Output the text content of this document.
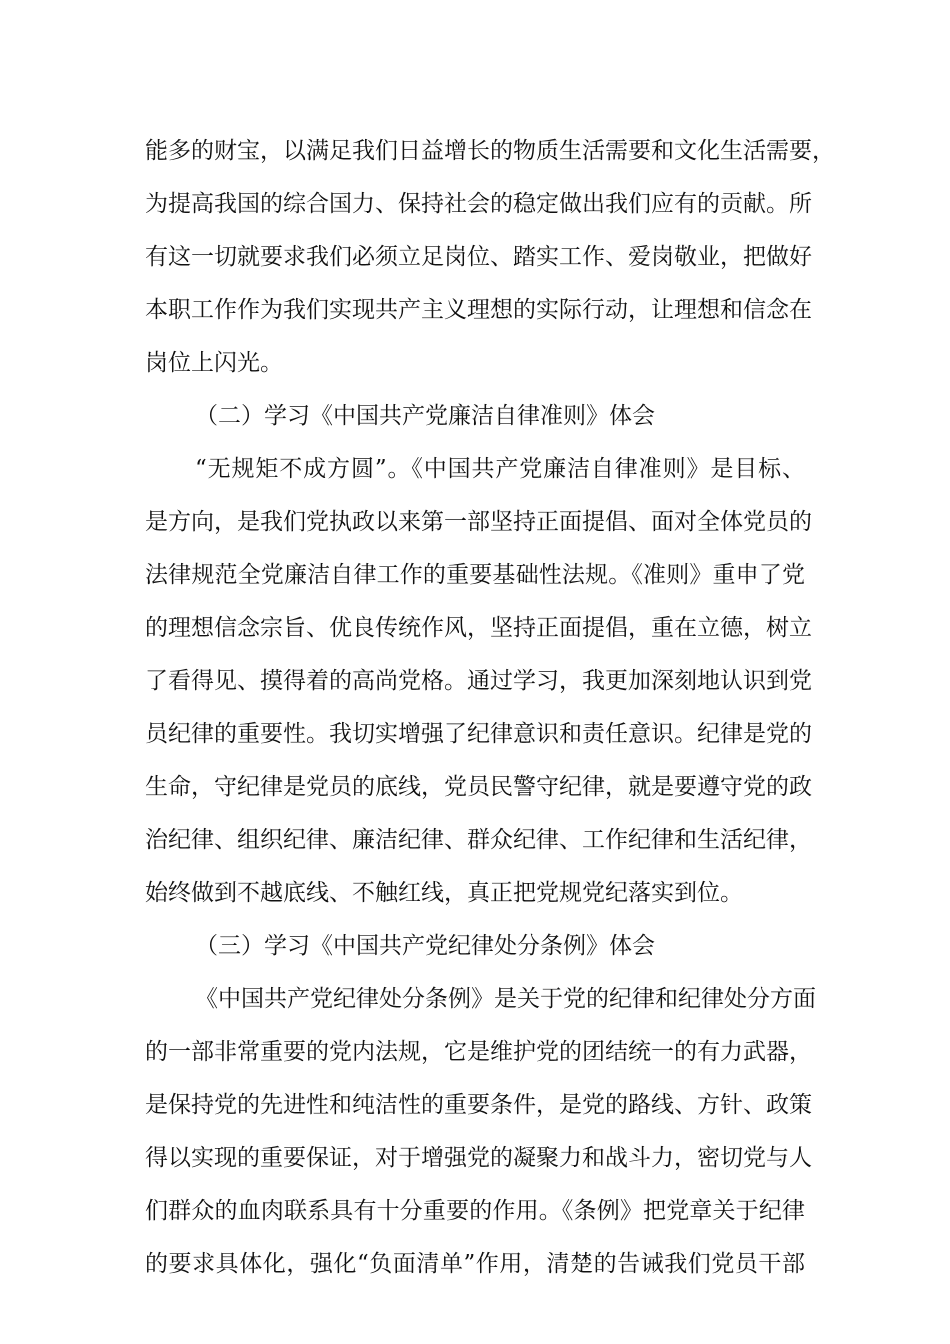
能多的财宝，以满足我们日益增长的物质生活需要和文化生活需要，
为提高我国的综合国力、保持社会的稳定做出我们应有的贡献。所
有这一切就要求我们必须立足岗位、踏实工作、爱岗敬业，把做好
本职工作作为我们实现共产主义理想的实际行动，让理想和信念在
岗位上闪光。
（二）学习《中国共产党廉洁自律准则》体会
“无规矩不成方圆”。《中国共产党廉洁自律准则》是目标、
是方向，是我们党执政以来第一部坚持正面提倡、面对全体党员的
法律规范全党廉洁自律工作的重要基础性法规。《准则》重申了党
的理想信念宗旨、优良传统作风，坚持正面提倡，重在立德，树立
了看得见、摸得着的高尚党格。通过学习，我更加深刻地认识到党
员纪律的重要性。我切实增强了纪律意识和责任意识。纪律是党的
生命，守纪律是党员的底线，党员民警守纪律，就是要遵守党的政
治纪律、组织纪律、廉洁纪律、群众纪律、工作纪律和生活纪律，
始终做到不越底线、不触红线，真正把党规党纪落实到位。
（三）学习《中国共产党纪律处分条例》体会
《中国共产党纪律处分条例》是关于党的纪律和纪律处分方面
的一部非常重要的党内法规，它是维护党的团结统一的有力武器，
是保持党的先进性和纯洁性的重要条件，是党的路线、方针、政策
得以实现的重要保证，对于增强党的凝聚力和战斗力，密切党与人
们群众的血肉联系具有十分重要的作用。《条例》把党章关于纪律
的要求具体化，强化“负面清单”作用，清楚的告诫我们党员干部
